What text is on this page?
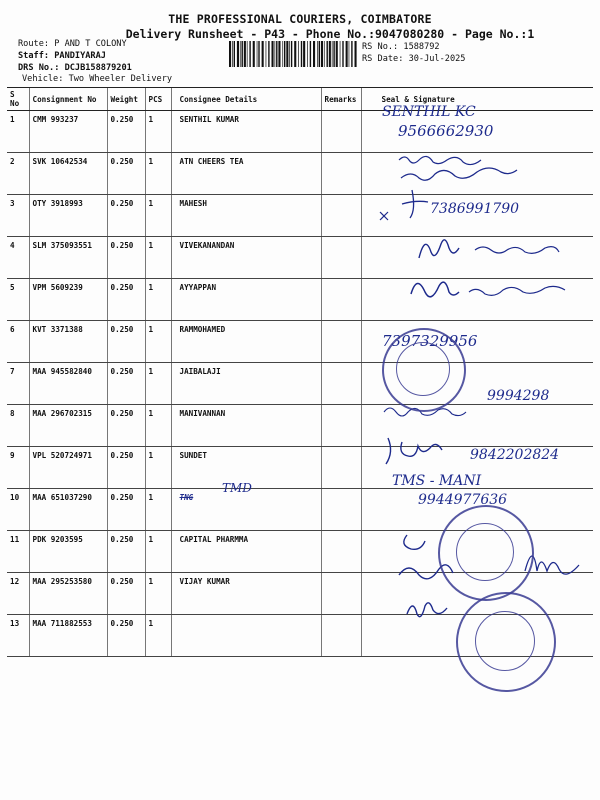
THE PROFESSIONAL COURIERS, COIMBATORE
Delivery Runsheet - P43 - Phone No.:9047080280 - Page No.:1
Route: P AND T COLONY
Staff: PANDIYARAJ
DRS No.: DCJB158879201
Vehicle: Two Wheeler Delivery
RS No.: 1588792
RS Date: 30-Jul-2025
S No	Consignment No	Weight	PCS	Consignee Details	Remarks	Seal & Signature
1	CMM 993237	0.250	1	SENTHIL KUMAR		
2	SVK 10642534	0.250	1	ATN CHEERS TEA		
3	OTY 3918993	0.250	1	MAHESH		
4	SLM 375093551	0.250	1	VIVEKANANDAN		
5	VPM 5609239	0.250	1	AYYAPPAN		
6	KVT 3371388	0.250	1	RAMMOHAMED		
7	MAA 945582840	0.250	1	JAIBALAJI		
8	MAA 296702315	0.250	1	MANIVANNAN		
9	VPL 520724971	0.250	1	SUNDET		
10	MAA 651037290	0.250	1	TNG		
11	PDK 9203595	0.250	1	CAPITAL PHARMMA		
12	MAA 295253580	0.250	1	VIJAY KUMAR		
13	MAA 711882553	0.250	1			
SENTHIL KC
9566662930
7386991790
7397329956
9994298
9842202824
TMD	TMS - MANI
9944977636
